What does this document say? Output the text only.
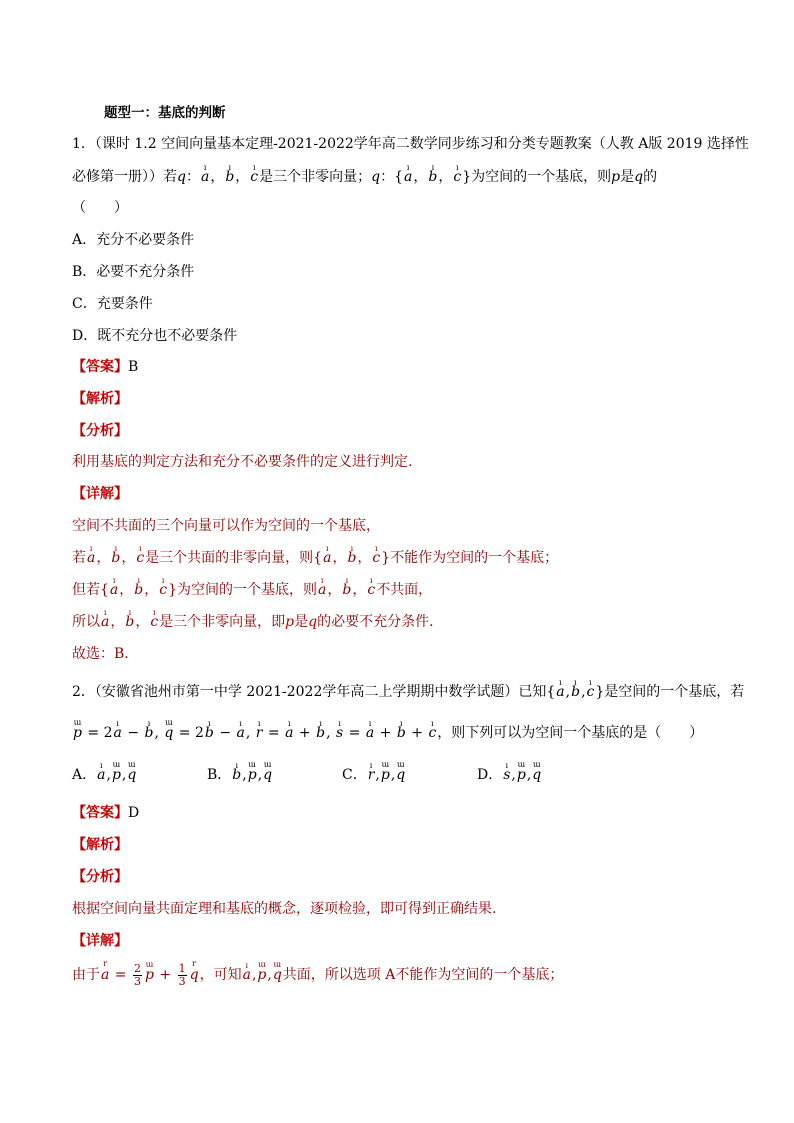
题型一：基底的判断
1．（课时 1.2 空间向量基本定理-2021-2022学年高二数学同步练习和分类专题教案（人教 A版 2019 选择性
必修第一册））若q：ı a，ı b，ı c是三个非零向量；q：{ı a，ı b，ı c}为空间的一个基底，则p是q的
（　　）
A．充分不必要条件
B．必要不充分条件
C．充要条件
D．既不充分也不必要条件
【答案】B
【解析】
【分析】
利用基底的判定方法和充分不必要条件的定义进行判定.
【详解】
空间不共面的三个向量可以作为空间的一个基底，
若ı a，ı b，ı c是三个共面的非零向量，则{ı a，ı b，ı c}不能作为空间的一个基底；
但若{ı a，ı b，ı c}为空间的一个基底，则ı a，ı b，ı c不共面，
所以ı a，ı b，ı c是三个非零向量，即p是q的必要不充分条件.
故选：B.
2．（安徽省池州市第一中学 2021-2022学年高二上学期期中数学试题）已知{ı a,ı b,ı c}是空间的一个基底，若
ɯ p = 2ı a − ı b, ɯ q = 2ı b − ı a, ı r = ı a + ı b, ı s = ı a + ı b + ı c，则下列可以为空间一个基底的是（　　）
A．ı a,ɯ p,ɯ q	B．ı b,ɯ p,ɯ q	C．ı r,ɯ p,ɯ q	D．ı s,ɯ p,ɯ q
【答案】D
【解析】
【分析】
根据空间向量共面定理和基底的概念，逐项检验，即可得到正确结果.
【详解】
由于r $a = \frac{2}{3}$ ɯ $p + \frac{1}{3}$ r q，可知ı a,ɯ p,ɯ q共面，所以选项 A不能作为空间的一个基底；
